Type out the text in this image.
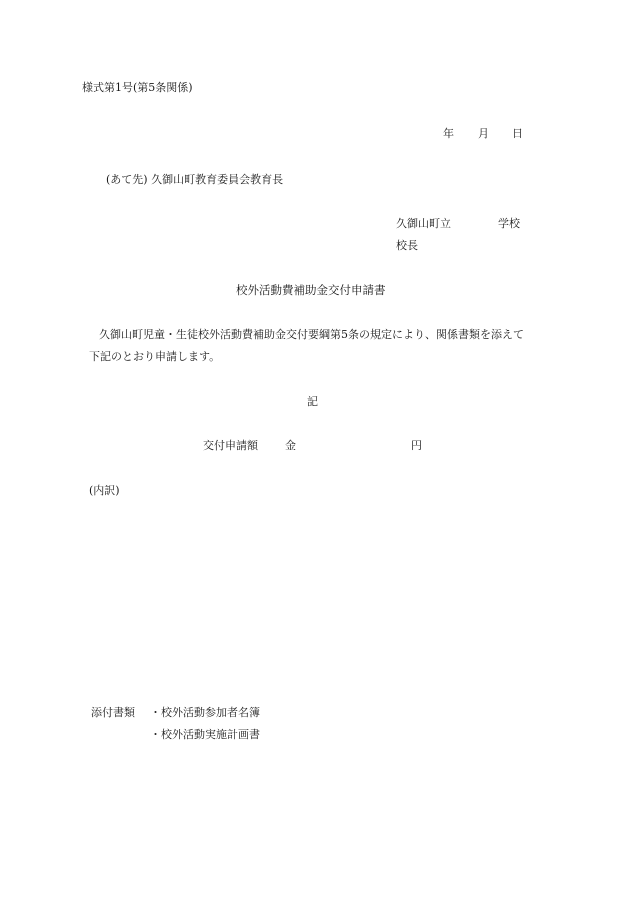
様式第1号(第5条関係)
年 月 日
(あて先) 久御山町教育委員会教育長
久御山町立	学校
校長
校外活動費補助金交付申請書
久御山町児童・生徒校外活動費補助金交付要綱第5条の規定により、関係書類を添えて
下記のとおり申請します。
記
交付申請額 金	円
(内訳)
添付書類 ・校外活動参加者名簿
・校外活動実施計画書
